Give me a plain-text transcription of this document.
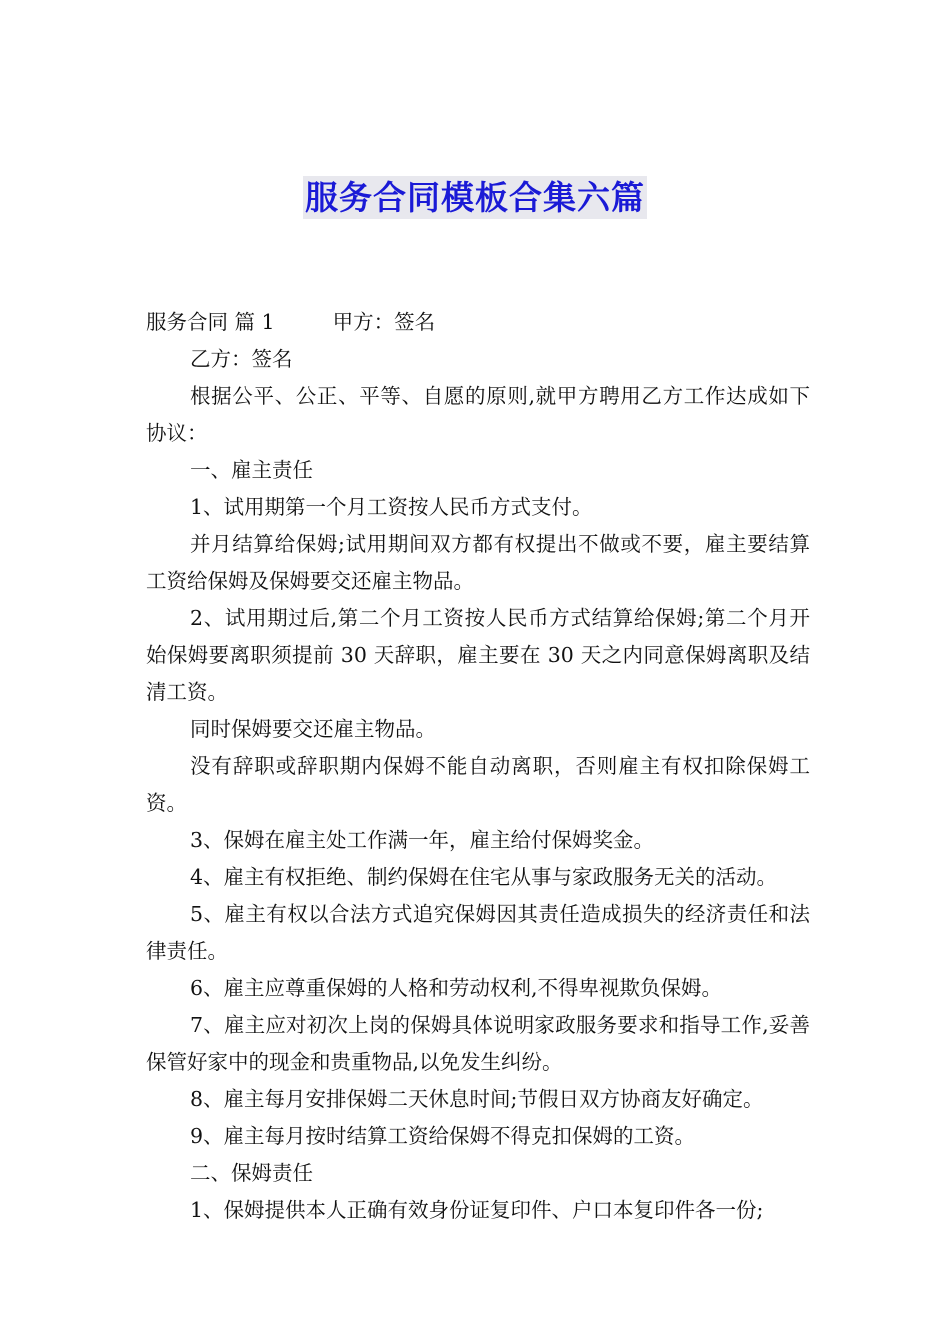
服务合同模板合集六篇

服务合同 篇 1	甲方：签名

乙方：签名

根据公平、公正、平等、自愿的原则,就甲方聘用乙方工作达成如下协议：

一、雇主责任

1、试用期第一个月工资按人民币方式支付。

并月结算给保姆;试用期间双方都有权提出不做或不要，雇主要结算工资给保姆及保姆要交还雇主物品。

2、试用期过后,第二个月工资按人民币方式结算给保姆;第二个月开始保姆要离职须提前 30 天辞职，雇主要在 30 天之内同意保姆离职及结清工资。

同时保姆要交还雇主物品。

没有辞职或辞职期内保姆不能自动离职，否则雇主有权扣除保姆工资。

3、保姆在雇主处工作满一年，雇主给付保姆奖金。

4、雇主有权拒绝、制约保姆在住宅从事与家政服务无关的活动。

5、雇主有权以合法方式追究保姆因其责任造成损失的经济责任和法律责任。

6、雇主应尊重保姆的人格和劳动权利,不得卑视欺负保姆。

7、雇主应对初次上岗的保姆具体说明家政服务要求和指导工作,妥善保管好家中的现金和贵重物品,以免发生纠纷。

8、雇主每月安排保姆二天休息时间;节假日双方协商友好确定。

9、雇主每月按时结算工资给保姆不得克扣保姆的工资。

二、保姆责任

1、保姆提供本人正确有效身份证复印件、户口本复印件各一份;
